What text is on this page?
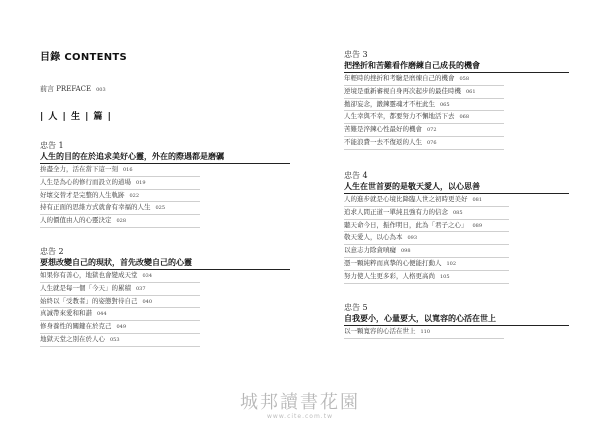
目錄 CONTENTS
前言 PREFACE 003
| 人 | 生 | 篇 |
忠告 1
人生的目的在於追求美好心靈，外在的際遇都是磨礪
拚盡全力，活在當下這一刻 016
人生是為心的修行而設立的道場 019
好壞交替才是完整的人生軌跡 022
持有正面的思維方式就會有幸福的人生 025
人的價值由人的心靈決定 028
忠告 2
要想改變自己的現狀，首先改變自己的心靈
如果你有善心，地獄也會變成天堂 034
人生就是每一個「今天」的累積 037
始終以「受教者」的姿態對待自己 040
真誠帶來愛和和諧 044
修身養性的關鍵在於克己 049
地獄天堂之別在於人心 053
忠告 3
把挫折和苦難看作磨練自己成長的機會
年輕時的挫折和考驗是磨煉自己的機會 058
逆境是重新審視自身再次起步的最佳時機 061
拋卻妄念，鍛鍊靈魂才不枉此生 065
人生幸與不幸，都要努力不懈地活下去 068
苦難是淬鍊心性最好的機會 072
不能浪費一去不復返的人生 076
忠告 4
人生在世首要的是敬天愛人，以心思善
人的進步就是心境比降臨人世之初時更美好 081
追求人間正道一單純且強有力的信念 085
聽天命今日，振作明日，此為「君子之心」 089
敬天愛人，以心為本 093
以意志力除貪嗔癡 098
憑一顆純粹而真摯的心便能打動人 102
努力使人生更多彩，人格更高尚 105
忠告 5
自我要小，心量要大，以寬容的心活在世上
以一顆寬容的心活在世上 110
城邦讀書花園
www.cite.com.tw
